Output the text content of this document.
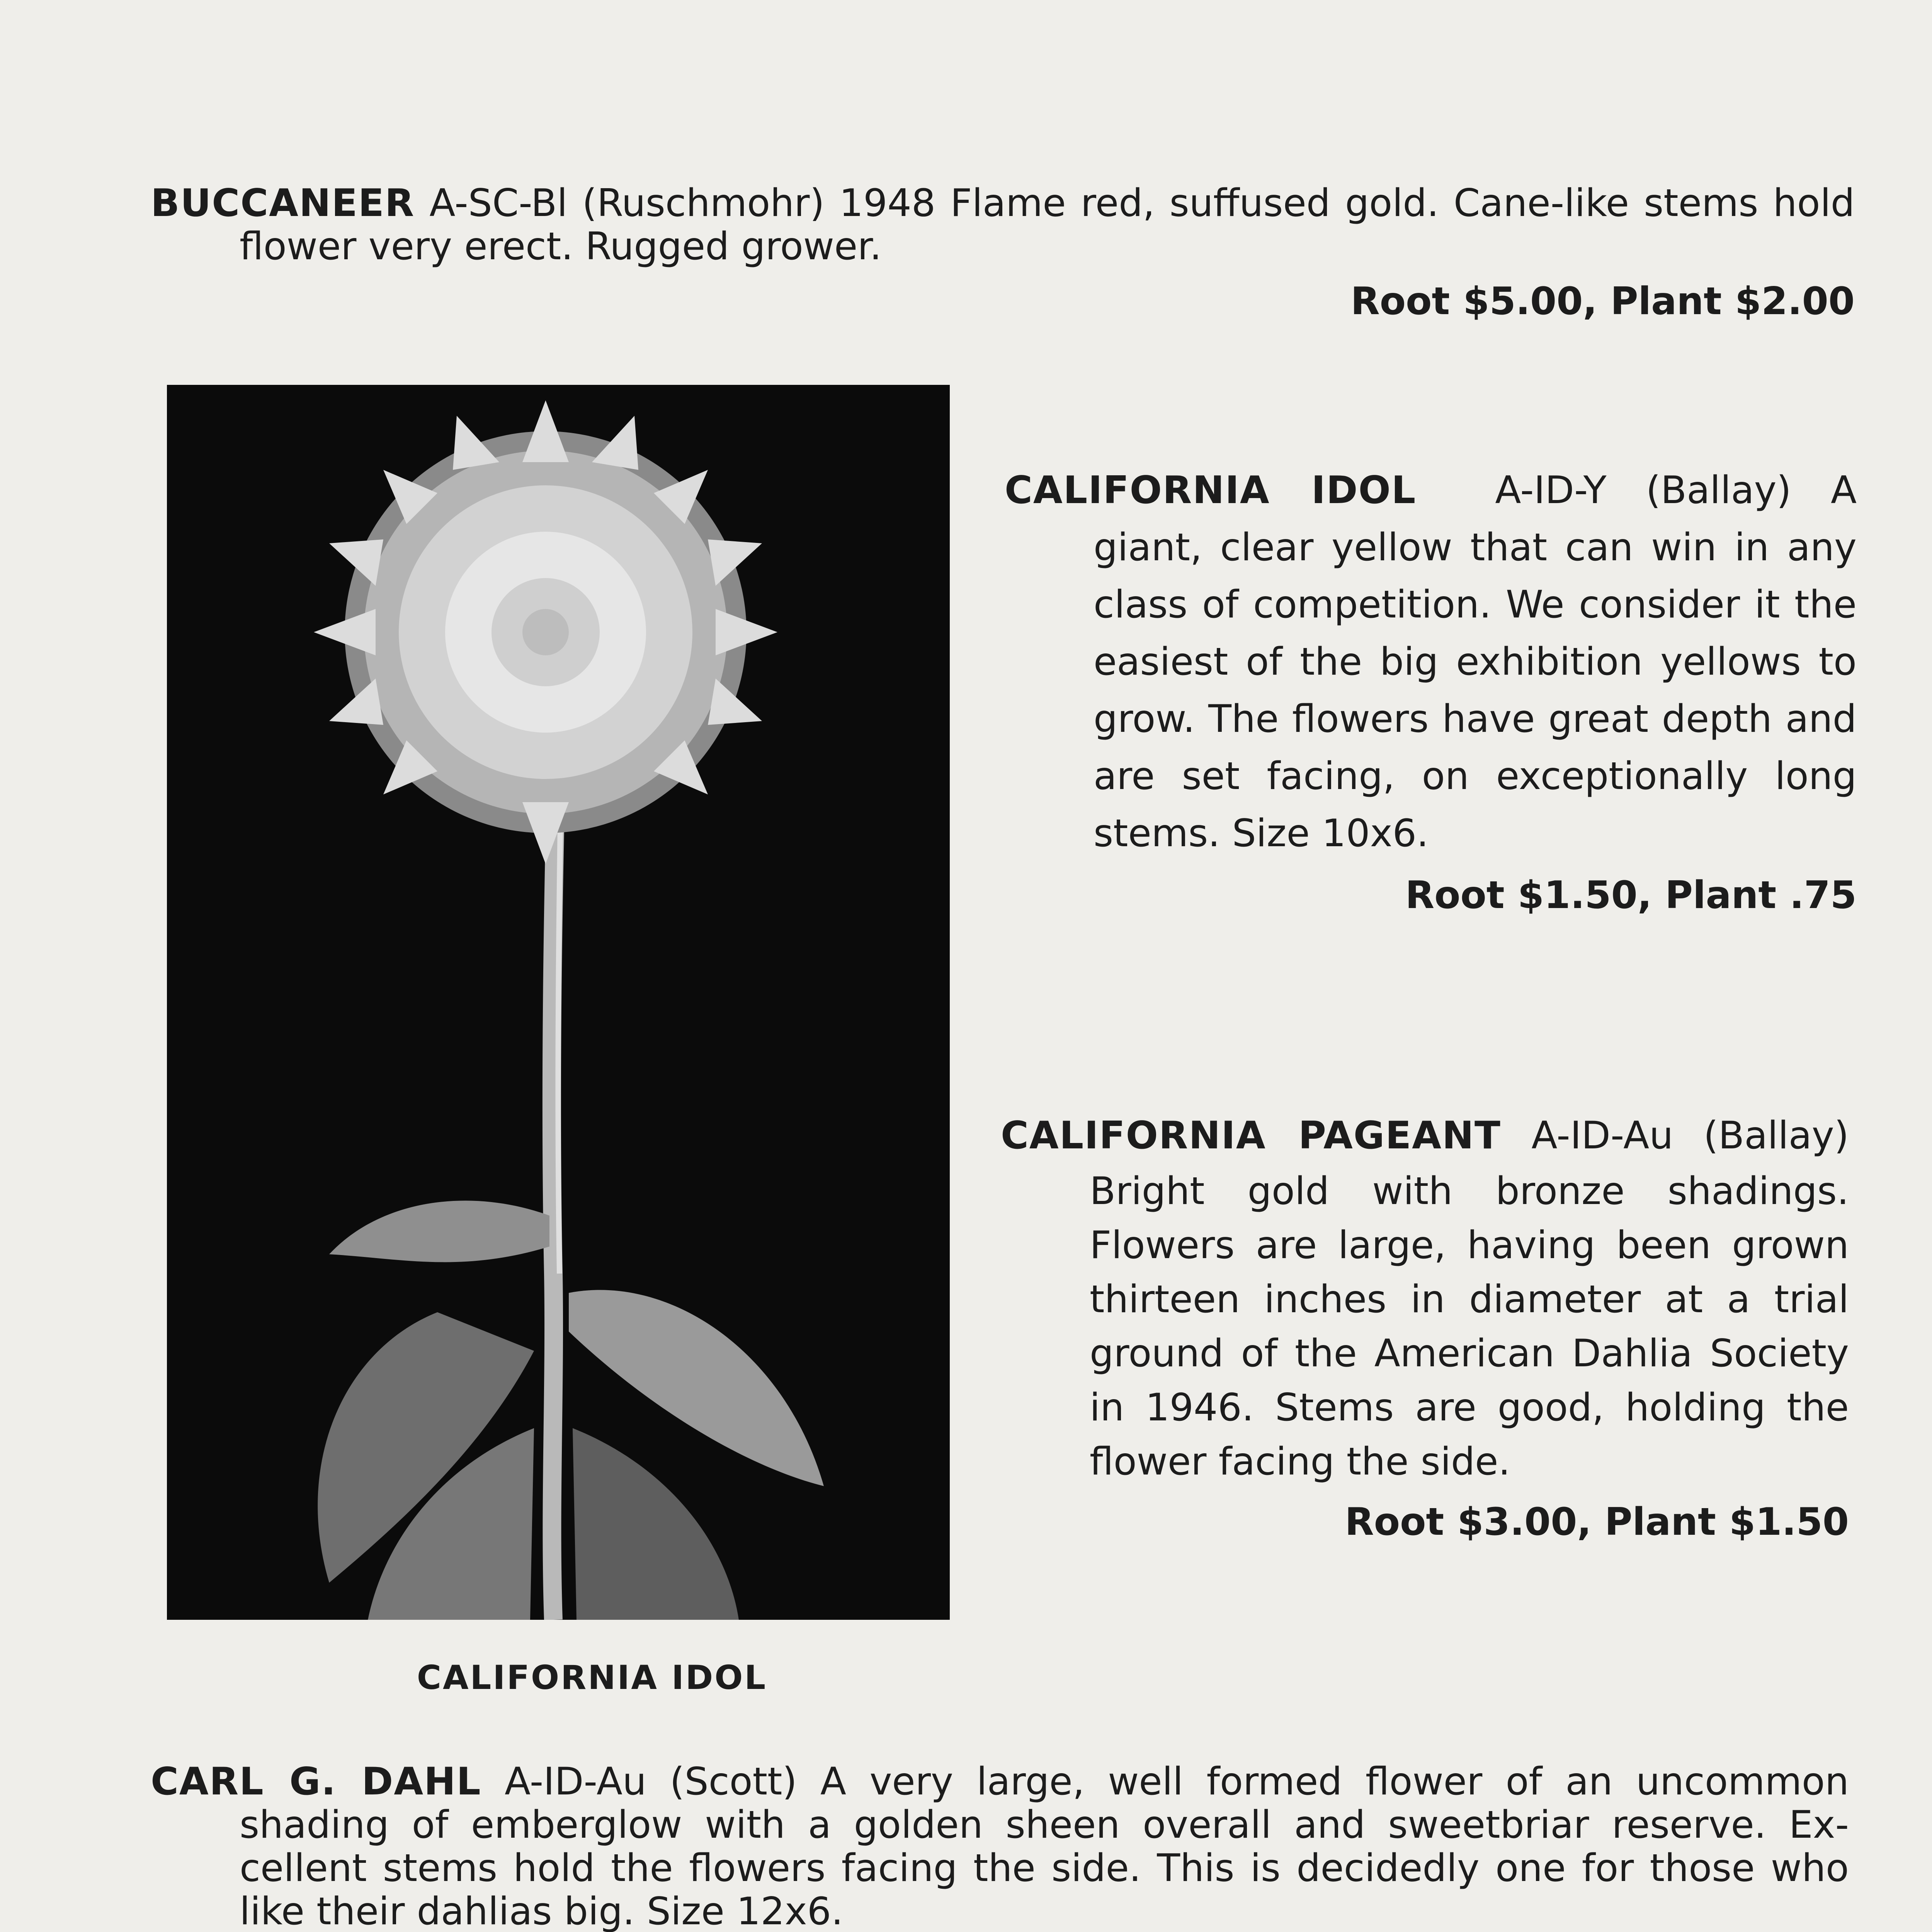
BUCCANEER A-SC-Bl (Ruschmohr) 1948 Flame red, suffused gold. Cane-like stems hold flower very erect. Rugged grower.

Root $5.00, Plant $2.00

CALIFORNIA IDOL

CALIFORNIA IDOL A-ID-Y (Ballay) A

giant, clear yellow that can win in any class of competition. We consider it the easiest of the big exhibition yellows to grow. The flowers have great depth and are set facing, on exceptionally long stems. Size 10x6.

Root $1.50, Plant .75

CALIFORNIA PAGEANT A-ID-Au (Ballay)

Bright gold with bronze shadings. Flowers are large, having been grown thirteen inches in diameter at a trial ground of the American Dahlia Society in 1946. Stems are good, holding the flower facing the side.

Root $3.00, Plant $1.50

CARL G. DAHL A-ID-Au (Scott) A very large, well formed flower of an uncommon shading of emberglow with a golden sheen overall and sweetbriar reserve. Ex-cellent stems hold the flowers facing the side. This is decidedly one for those who like their dahlias big. Size 12x6.
